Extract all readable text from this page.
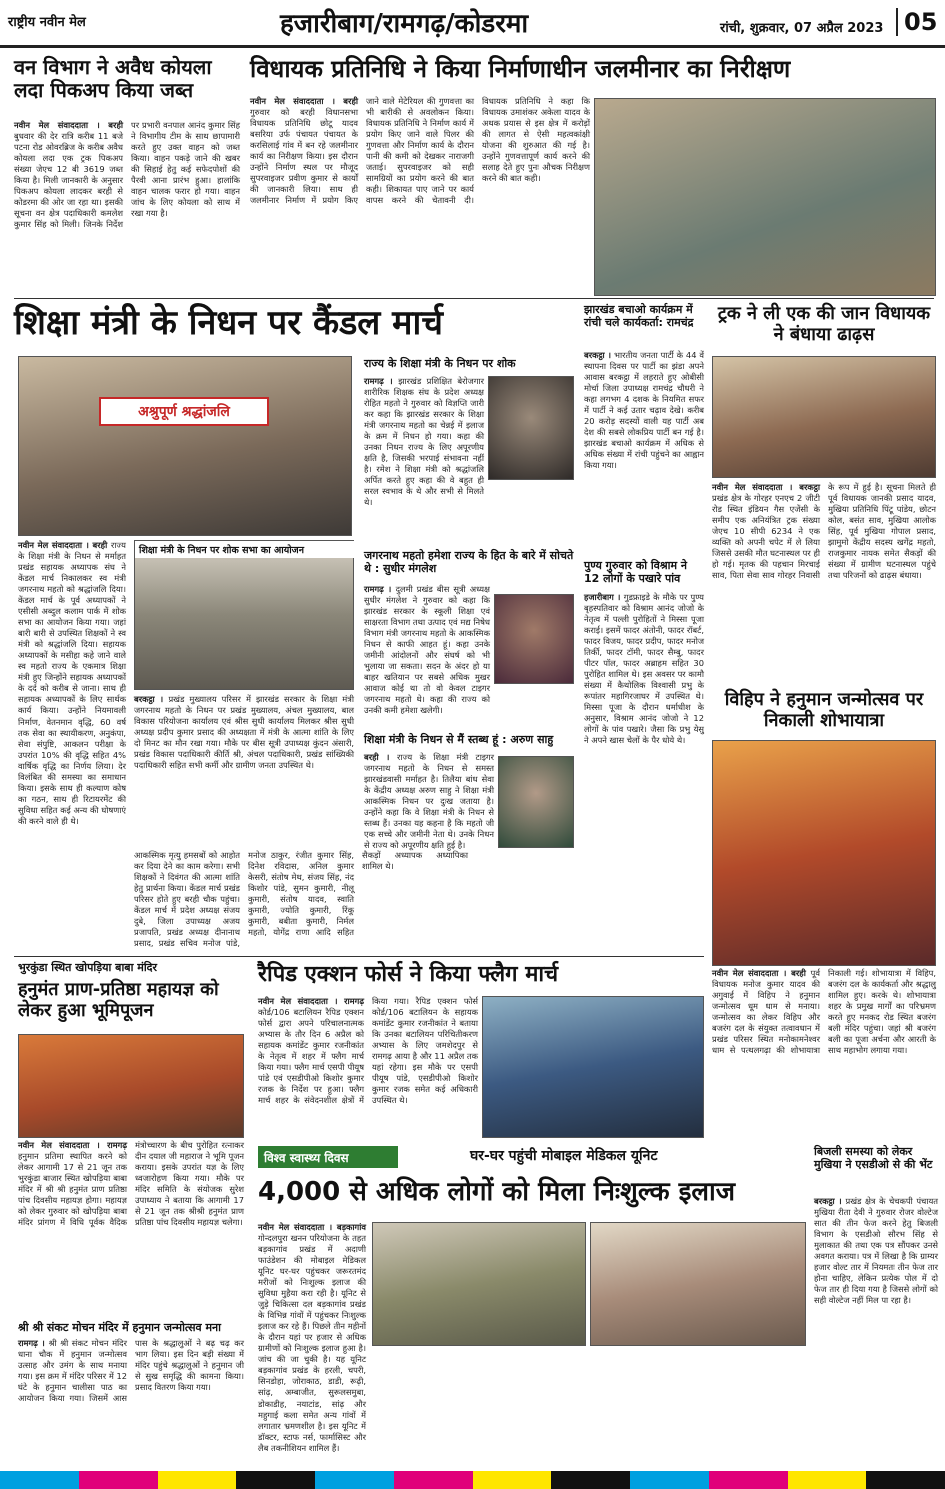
राष्ट्रीय नवीन मेल	हजारीबाग/रामगढ़/कोडरमा	रांची, शुक्रवार, 07 अप्रैल 2023 05
वन विभाग ने अवैध कोयला लदा पिकअप किया जब्त
नवीन मेल संवाददाता । बरही बुधवार की देर रात्रि करीब 11 बजे पटना रोड ओवरब्रिज के करीब अवैध कोयला लदा एक ट्रक पिकअप संख्या जेएच 12 बी 3619 जब्त किया है। मिली जानकारी के अनुसार पिकअप कोयला लादकर बरही से कोडरमा की ओर जा रहा था। इसकी सूचना वन क्षेत्र पदाधिकारी कमलेश कुमार सिंह को मिली। जिनके निर्देश पर प्रभारी वनपाल आनंद कुमार सिंह ने विभागीय टीम के साथ छापामारी करते हुए उक्त वाहन को जब्त किया। वाहन पकड़े जाने की खबर की सिहाई हेतु कई सफेदपोशों की पैरवी आना प्रारंभ हुआ। हालांकि वाहन चालक फरार हो गया। वाहन जांच के लिए कोयला को साथ में रखा गया है।
विधायक प्रतिनिधि ने किया निर्माणाधीन जलमीनार का निरीक्षण
नवीन मेल संवाददाता । बरही गुरुवार को बरही विधानसभा विधायक प्रतिनिधि छोटू यादव बसरिया उर्फ पंचायत पंचायत के करसिलाई गांव में बन रहे जलमीनार कार्य का निरीक्षण किया। इस दौरान उन्होंने निर्माण स्थल पर मौजूद सुपरवाइजर प्रवीण कुमार से कार्यों की जानकारी लिया। साथ ही जलमीनार निर्माण में प्रयोग किए जाने वाले मेटेरियल की गुणवत्ता का भी बारीकी से अवलोकन किया। विधायक प्रतिनिधि ने निर्माण कार्य में प्रयोग किए जाने वाले पिलर की गुणवत्ता और निर्माण कार्य के दौरान पानी की कमी को देखकर नाराजगी जताई। सुपरवाइजर को सही सामग्रियों का प्रयोग करने की बात कही। शिकायत पाए जाने पर कार्य वापस करने की चेतावनी दी। विधायक प्रतिनिधि ने कहा कि विधायक उमाशंकर अकेला यादव के अथक प्रयास से इस क्षेत्र में करोड़ों की लागत से ऐसी महत्वकांक्षी योजना की शुरुआत की गई है। उन्होंने गुणवत्तापूर्ण कार्य करने की सलाह देते हुए पुनः औचक निरीक्षण करने की बात कही।
शिक्षा मंत्री के निधन पर कैंडल मार्च
अश्रुपूर्ण श्रद्धांजलि
नवीन मेल संवाददाता । बरही राज्य के शिक्षा मंत्री के निधन से मर्माहत प्रखंड सहायक अध्यापक संघ ने केंडल मार्च निकालकर स्व मंत्री जगरनाथ महतो को श्रद्धांजलि दिया। केंडल मार्च के पूर्व अध्यापकों ने एसीसी अब्दुल कलाम पार्क में शोक सभा का आयोजन किया गया। जहां बारी बारी से उपस्थित शिक्षकों ने स्व मंत्री को श्रद्धांजलि दिया। सहायक अध्यापकों के मसीहा कहे जाने वाले स्व महतो राज्य के एकमात्र शिक्षा मंत्री हुए जिन्होंने सहायक अध्यापकों के दर्द को करीब से जाना। साथ ही सहायक अध्यापकों के लिए सार्थक कार्य किया। उन्होंने नियमावली निर्माण, वेतनमान वृद्धि, 60 वर्ष तक सेवा का स्थायीकरण, अनुकंपा, सेवा संपुष्टि, आकलन परीक्षा के उपरांत 10% की वृद्धि सहित 4% वार्षिक वृद्धि का निर्णय लिया। देर विलंबित की समस्या का समाधान किया। इसके साथ ही कल्याण कोष का गठन, साथ ही रिटायरमेंट की सुविधा सहित कई अन्य की घोषणाएं की करने वाले ही थे।
शिक्षा मंत्री के निधन पर शोक सभा का आयोजन
बरकट्ठा । प्रखंड मुख्यालय परिसर में झारखंड सरकार के शिक्षा मंत्री जगरनाथ महतो के निधन पर प्रखंड मुख्यालय, अंचल मुख्यालय, बाल विकास परियोजना कार्यालय एवं श्रीस सुधी कार्यालय मिलकर श्रीस सुधी अध्यक्ष प्रदीप कुमार प्रसाद की अध्यक्षता में मंत्री के आत्मा शांति के लिए दो मिनट का मौन रखा गया। मौके पर बीस सूत्री उपाध्यक्ष कुंदन अंसारी, प्रखंड विकास पदाधिकारी कीर्ति श्री, अंचल पदाधिकारी, प्रखंड सांख्यिकी पदाधिकारी सहित सभी कर्मी और ग्रामीण जनता उपस्थित थे।
आकस्मिक मृत्यु हमसबों को आहोत कर दिया देने का काम करेगा। सभी शिक्षकों ने दिवंगत की आत्मा शांति हेतु प्रार्थना किया। केंडल मार्च प्रखंड परिसर होते हुए बरही चौक पहुंचा। केंडल मार्च में प्रदेश अध्यक्ष संजय दुबे, जिला उपाध्यक्ष अजय प्रजापति, प्रखंड अध्यक्ष दीनानाथ प्रसाद, प्रखंड सचिव मनोज पांडे, मनोज ठाकुर, रंजीत कुमार सिंह, दिनेश रविदास, अनिल कुमार केसरी, संतोष मेथ, संजय सिंह, नंद किशोर पांडे, सुमन कुमारी, नीलू कुमारी, संतोष यादव, स्वाति कुमारी, ज्योति कुमारी, रिंकू कुमारी, बबीता कुमारी, निर्मल महतो, योगेंद्र राणा आदि सहित सैकड़ों अध्यापक अध्यापिका शामिल थे।
राज्य के शिक्षा मंत्री के निधन पर शोक
रामगढ़ । झारखंड प्रशिक्षित बेरोजगार शारीरिक शिक्षक संघ के प्रदेश अध्यक्ष रोहित महतो ने गुरुवार को विज्ञप्ति जारी कर कहा कि झारखंड सरकार के शिक्षा मंत्री जगरनाथ महतो का चेन्नई में इलाज के क्रम में निधन हो गया। कहा की उनका निधन राज्य के लिए अपूरणीय क्षति है, जिसकी भरपाई संभावना नहीं है। रमेश ने शिक्षा मंत्री को श्रद्धांजलि अर्पित करते हुए कहा की वे बहुत ही सरल स्वभाव के थे और सभी से मिलते थे।
जगरनाथ महतो हमेशा राज्य के हित के बारे में सोचते थे : सुधीर मंगलेश
रामगढ़ । दुलमी प्रखंड बीस सूत्री अध्यक्ष सुधीर मंगलेश ने गुरुवार को कहा कि झारखंड सरकार के स्कूली शिक्षा एवं साक्षरता विभाग तथा उत्पाद एवं मद्य निषेध विभाग मंत्री जगरनाथ महतो के आकस्मिक निधन से काफी आहत हूं। कहा उनके जमीनी आंदोलनों और संघर्ष को भी भुलाया जा सकता। सदन के अंदर हो या बाहर खतियान पर सबसे अधिक मुखर आवाज कोई था तो वो केवल टाइगर जगरनाथ महतो थे। कहा की राज्य को उनकी कमी हमेशा खलेगी।
शिक्षा मंत्री के निधन से मैं स्तब्ध हूं : अरुण साहु
बरही । राज्य के शिक्षा मंत्री टाइगर जगरनाथ महतो के निधन से समस्त झारखंडवासी मर्माहत है। तिलैया बांध सेवा के केंद्रीय अध्यक्ष अरुण साहु ने शिक्षा मंत्री आकस्मिक निधन पर दुःख जताया है। उन्होंने कहा कि वे शिक्षा मंत्री के निधन से स्तब्ध हैं। उनका यह कहना है कि महतो जी एक सच्चे और जमीनी नेता थे। उनके निधन से राज्य को अपूरणीय क्षति हुई है।
झारखंड बचाओ कार्यक्रम में रांची चले कार्यकर्ता: रामचंद्र
बरकट्ठा । भारतीय जनता पार्टी के 44 वें स्थापना दिवस पर पार्टी का झंडा अपने आवास बरकट्ठा में लहराते हुए ओबीसी मोर्चा जिला उपाध्यक्ष रामचंद्र चौधरी ने कहा लगभग 4 दशक के नियमित सफर में पार्टी ने कई उतार चढ़ाव देखे। करीब 20 करोड़ सदस्यों वाली यह पार्टी अब देश की सबसे लोकप्रिय पार्टी बन गई है। झारखंड बचाओ कार्यक्रम में अधिक से अधिक संख्या में रांची पहुंचने का आह्वान किया गया।
पुण्य गुरुवार को विश्राम ने 12 लोगों के पखारे पांव
हजारीबाग । गुडफ्राइडे के मौके पर पुण्य बृहस्पतिवार को विश्राम आनंद जोजो के नेतृत्व में पल्ली पुरोहितों ने मिस्सा पूजा कराई। इसमें फादर अंतोनी, फादर रॉबर्ट, फादर विजय, फादर प्रदीप, फादर मनोज तिर्की, फादर टॉमी, फादर सैम्बु, फादर पीटर पॉल, फादर अब्राहम सहित 30 पुरोहित शामिल थे। इस अवसर पर कामौ संख्या में कैथोलिक विश्वासी प्रभु के रूपांतर महागिरजाघर में उपस्थित थे। मिस्सा पूजा के दौरान धर्माधीश के अनुसार, विश्राम आनंद जोजो ने 12 लोगों के पांव पखारे। जैसा कि प्रभु येसु ने अपने खास चेलों के पैर धोये थे।
ट्रक ने ली एक की जान विधायक ने बंधाया ढाढ़स
नवीन मेल संवाददाता । बरकट्ठा प्रखंड क्षेत्र के गोरहर एनएच 2 जीटी रोड स्थित इंडियन गैस एजेंसी के समीप एक अनियंत्रित ट्रक संख्या जेएच 10 सीपी 6234 ने एक व्यक्ति को अपनी चपेट में ले लिया जिससे उसकी मौत घटनास्थल पर ही हो गई। मृतक की पहचान मिरचाई साव, पिता सेवा साव गोरहर निवासी के रूप में हुई है। सूचना मिलते ही पूर्व विधायक जानकी प्रसाद यादव, मुखिया प्रतिनिधि पिंटू पांडेय, छोटन कोल, बसंत साव, मुखिया आलोक सिंह, पूर्व मुखिया गोपाल प्रसाद, झामुमो केंद्रीय सदस्य खगेंद्र महतो, राजकुमार नायक समेत सैकड़ों की संख्या में ग्रामीण घटनास्थल पहुंचे तथा परिजनों को ढाढ़स बंधाया।
विहिप ने हनुमान जन्मोत्सव पर निकाली शोभायात्रा
नवीन मेल संवाददाता । बरही पूर्व विधायक मनोज कुमार यादव की अगुवाई में विहिप ने हनुमान जन्मोत्सव धूम धाम से मनाया। जन्मोत्सव का लेकर विहिप और बजरंग दल के संयुक्त तत्वावधान में प्रखंड परिसर स्थित मनोकामनेश्वर धाम से पत्थलगढ़ा की शोभायात्रा निकाली गई। शोभायात्रा में विहिप, बजरंग दल के कार्यकर्ता और श्रद्धालु शामिल हुए। करके थे। शोभायात्रा शहर के प्रमुख मार्गों का परिभ्रमण करते हुए मनकद रोड स्थित बजरंग बली मंदिर पहुंचा। जहां श्री बजरंग बली का पूजा अर्चना और आरती के साथ महाभोग लगाया गया।
भुरकुंडा स्थित खोपड़िया बाबा मंदिर
हनुमंत प्राण-प्रतिष्ठा महायज्ञ को लेकर हुआ भूमिपूजन
नवीन मेल संवाददाता । रामगढ़ हनुमान प्रतिमा स्थापित करने को लेकर आगामी 17 से 21 जून तक भुरकुंडा बाजार स्थित खोपड़िया बाबा मंदिर में श्री श्री हनुमंत प्राण प्रतिष्ठा पांच दिवसीय महायज्ञ होगा। महायज्ञ को लेकर गुरुवार को खोपड़िया बाबा मंदिर प्रांगण में विधि पूर्वक वैदिक मंत्रोच्चारण के बीच पुरोहित रत्नाकर दीन दयाल जी महाराज ने भूमि पूजन कराया। इसके उपरांत यज्ञ के लिए ध्वजारोहण किया गया। मौके पर मंदिर समिति के संयोजक सुरेश उपाध्याय ने बताया कि आगामी 17 से 21 जून तक श्रीश्री हनुमंत प्राण प्रतिष्ठा पांच दिवसीय महायज्ञ चलेगा।
श्री श्री संकट मोचन मंदिर में हनुमान जन्मोत्सव मना
रामगढ़ । श्री श्री संकट मोचन मंदिर धाना चौक में हनुमान जन्मोत्सव उत्साह और उमंग के साथ मनाया गया। इस क्रम में मंदिर परिसर में 12 घंटे के हनुमान चालीसा पाठ का आयोजन किया गया। जिसमें आस पास के श्रद्धालुओं ने बढ़ चढ़ कर भाग लिया। इस दिन बड़ी संख्या में मंदिर पहुंचे श्रद्धालुओं ने हनुमान जी से सुख समृद्धि की कामना किया। प्रसाद वितरण किया गया।
रैपिड एक्शन फोर्स ने किया फ्लैग मार्च
नवीन मेल संवाददाता । रामगढ़ कोर्ड/106 बटालियन रैपिड एक्शन फोर्स द्वारा अपने परिचालनात्मक अभ्यास के तौर दिन 6 अप्रैल को सहायक कमांडेंट कुमार रजनीकांत के नेतृत्व में शहर में फ्लैग मार्च किया गया। फ्लैग मार्च एसपी पीयूष पांडे एवं एसडीपीओ किशोर कुमार रजक के निर्देश पर हुआ। फ्लैग मार्च शहर के संवेदनशील क्षेत्रों में किया गया। रैपिड एक्शन फोर्स कोर्ड/106 बटालियन के सहायक कमांडेंट कुमार रजनीकांत ने बताया कि उनका बटालियन परिचितीकरण अभ्यास के लिए जमशेदपुर से रामगढ़ आया है और 11 अप्रैल तक यहां रहेगा। इस मौके पर एसपी पीयूष पांडे, एसडीपीओ किशोर कुमार रजक समेत कई अधिकारी उपस्थित थे।
विश्व स्वास्थ्य दिवस	घर-घर पहुंची मोबाइल मेडिकल यूनिट
4,000 से अधिक लोगों को मिला निःशुल्क इलाज
नवीन मेल संवाददाता । बड़कागांव गोन्दलपुरा खनन परियोजना के तहत बड़कागांव प्रखंड में अदाणी फाउंडेशन की मोबाइल मेडिकल यूनिट घर-घर पहुंचकर जरूरतमंद मरीजों को निःशुल्क इलाज की सुविधा मुहैया करा रही है। यूनिट से जुड़े चिकित्सा दल बड़कागांव प्रखंड के विभिन्न गांवों में पहुंचकर निःशुल्क इलाज कर रहे हैं। पिछले तीन महीनों के दौरान यहां पर हजार से अधिक ग्रामीणों को निःशुल्क इलाज हुआ है। जांच की जा चुकी है। यह यूनिट बड़कागांव प्रखंड के हरली, चपरी, सिनडोहा, जोराकाठ, डाडी, रूढ़ी, सांढ़, अम्बाजीत, सुरूलसमुबा, डोकाडीह, नयाटांड, सांढ़ और महुगाई कला समेत अन्य गांवों में लगातार भ्रमणशील है। इस यूनिट में डॉक्टर, स्टाफ नर्स, फार्मासिस्ट और लैब तकनीशियन शामिल हैं।
बिजली समस्या को लेकर मुखिया ने एसडीओ से की भेंट
बरकट्ठा । प्रखंड क्षेत्र के चेचकपी पंचायत मुखिया रीता देवी ने गुरुवार रोजर वोल्टेज सात की तीन फेज करने हेतु बिजली विभाग के एसडीओ सौरभ सिंह से मुलाकात की तथा एक पत्र सौंपकर उनसे अवगत कराया। पत्र में लिखा है कि ग्राम्यर हजार वोल्ट तार में नियमतः तीन फेज तार होना चाहिए, लेकिन प्रत्येक पोल में दो फेज तार ही दिया गया है जिससे लोगों को सही वोल्टेज नहीं मिल पा रहा है।
